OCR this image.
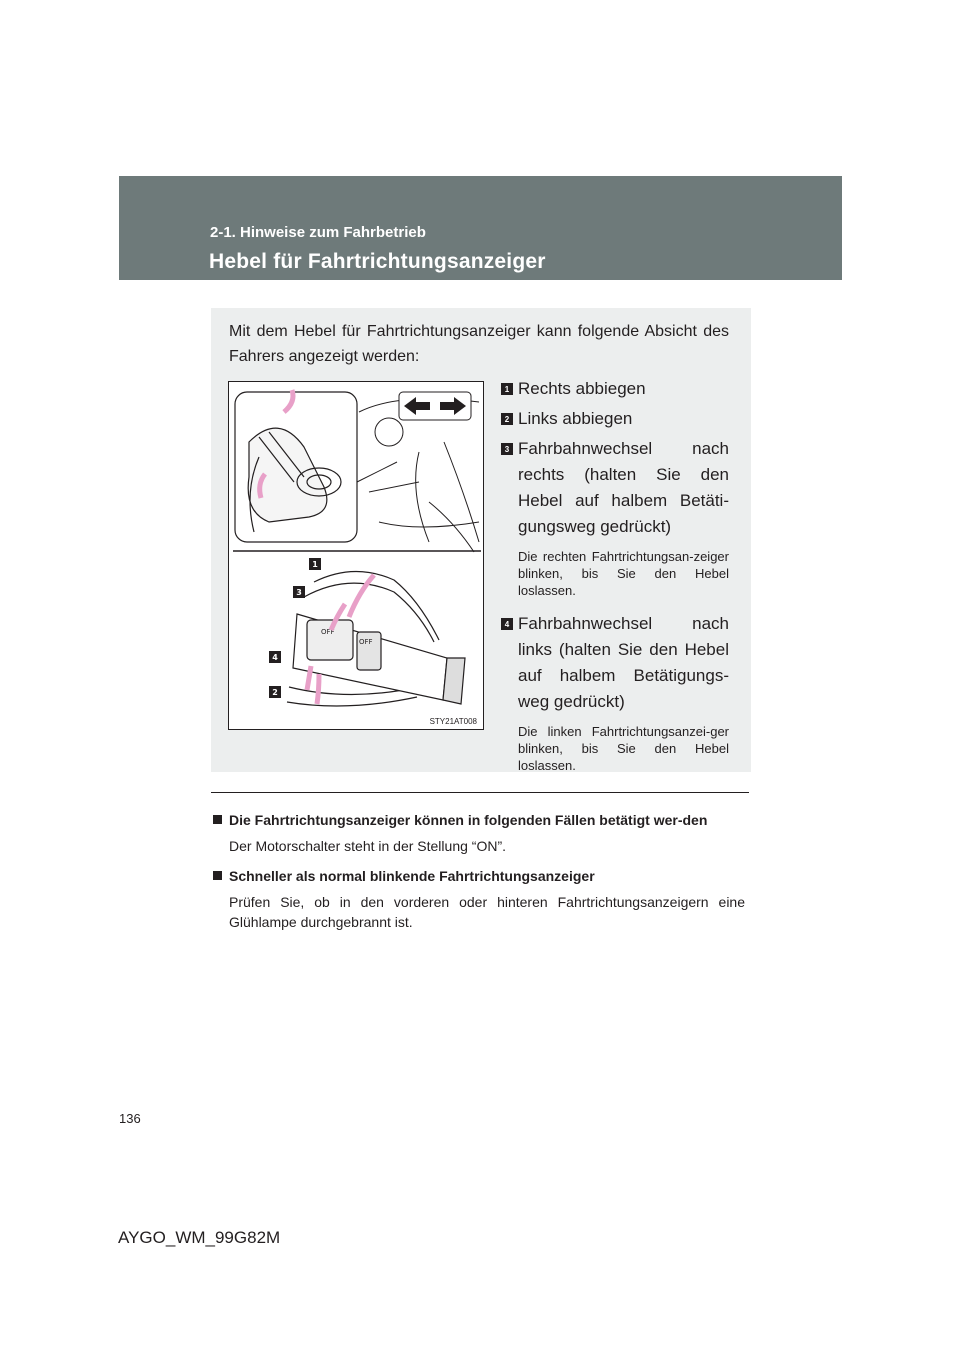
2-1. Hinweise zum Fahrbetrieb

Hebel für Fahrtrichtungsanzeiger

Mit dem Hebel für Fahrtrichtungsanzeiger kann folgende Absicht des Fahrers angezeigt werden:

OFF
OFF
1
3
4
2
STY21AT008
1 Rechts abbiegen

2 Links abbiegen

3 Fahrbahnwechsel nach rechts (halten Sie den Hebel auf halbem Betäti-gungsweg gedrückt)

Die rechten Fahrtrichtungsan-zeiger blinken, bis Sie den Hebel loslassen.

4 Fahrbahnwechsel nach links (halten Sie den Hebel auf halbem Betätigungs-weg gedrückt)

Die linken Fahrtrichtungsanzei-ger blinken, bis Sie den Hebel loslassen.

Die Fahrtrichtungsanzeiger können in folgenden Fällen betätigt wer-den

Der Motorschalter steht in der Stellung “ON”.

Schneller als normal blinkende Fahrtrichtungsanzeiger

Prüfen Sie, ob in den vorderen oder hinteren Fahrtrichtungsanzeigern eine Glühlampe durchgebrannt ist.

136

AYGO_WM_99G82M
